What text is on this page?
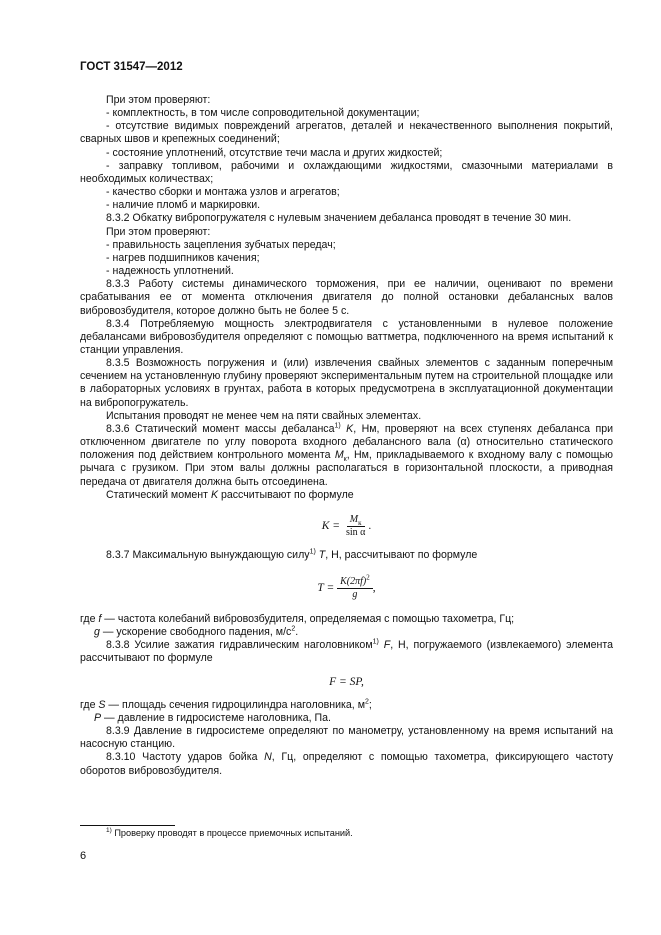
ГОСТ 31547—2012

При этом проверяют:

- комплектность, в том числе сопроводительной документации;

- отсутствие видимых повреждений агрегатов, деталей и некачественного выполнения покрытий, сварных швов и крепежных соединений;

- состояние уплотнений, отсутствие течи масла и других жидкостей;

- заправку топливом, рабочими и охлаждающими жидкостями, смазочными материалами в необходимых количествах;

- качество сборки и монтажа узлов и агрегатов;

- наличие пломб и маркировки.

8.3.2 Обкатку вибропогружателя с нулевым значением дебаланса проводят в течение 30 мин.

При этом проверяют:

- правильность зацепления зубчатых передач;

- нагрев подшипников качения;

- надежность уплотнений.

8.3.3 Работу системы динамического торможения, при ее наличии, оценивают по времени срабатывания ее от момента отключения двигателя до полной остановки дебалансных валов вибровозбудителя, которое должно быть не более 5 с.

8.3.4 Потребляемую мощность электродвигателя с установленными в нулевое положение дебалансами вибровозбудителя определяют с помощью ваттметра, подключенного на время испытаний к станции управления.

8.3.5 Возможность погружения и (или) извлечения свайных элементов с заданным поперечным сечением на установленную глубину проверяют экспериментальным путем на строительной площадке или в лабораторных условиях в грунтах, работа в которых предусмотрена в эксплуатационной документации на вибропогружатель.

Испытания проводят не менее чем на пяти свайных элементах.

8.3.6 Статический момент массы дебаланса$^{1)}$ K, Нм, проверяют на всех ступенях дебаланса при отключенном двигателе по углу поворота входного дебалансного вала (α) относительно статического положения под действием контрольного момента $M_к$, Нм, прикладываемого к входному валу с помощью рычага с грузиком. При этом валы должны располагаться в горизонтальной плоскости, а приводная передача от двигателя должна быть отсоединена.

Статический момент K рассчитывают по формуле

$K = \frac{M_к}{\text{sin α}}$ .

8.3.7 Максимальную вынуждающую силу$^{1)}$ T, Н, рассчитывают по формуле

$T = \frac{K(2\pi f)^2}{g}$ ,

где f — частота колебаний вибровозбудителя, определяемая с помощью тахометра, Гц;

g — ускорение свободного падения, $м/с^2$.

8.3.8 Усилие зажатия гидравлическим наголовником$^{1)}$ F, Н, погружаемого (извлекаемого) элемента рассчитывают по формуле

F = SP,

где S — площадь сечения гидроцилиндра наголовника, $м^2$;

P — давление в гидросистеме наголовника, Па.

8.3.9 Давление в гидросистеме определяют по манометру, установленному на время испытаний на насосную станцию.

8.3.10 Частоту ударов бойка N, Гц, определяют с помощью тахометра, фиксирующего частоту оборотов вибровозбудителя.

$^{1)}$ Проверку проводят в процессе приемочных испытаний.
6
